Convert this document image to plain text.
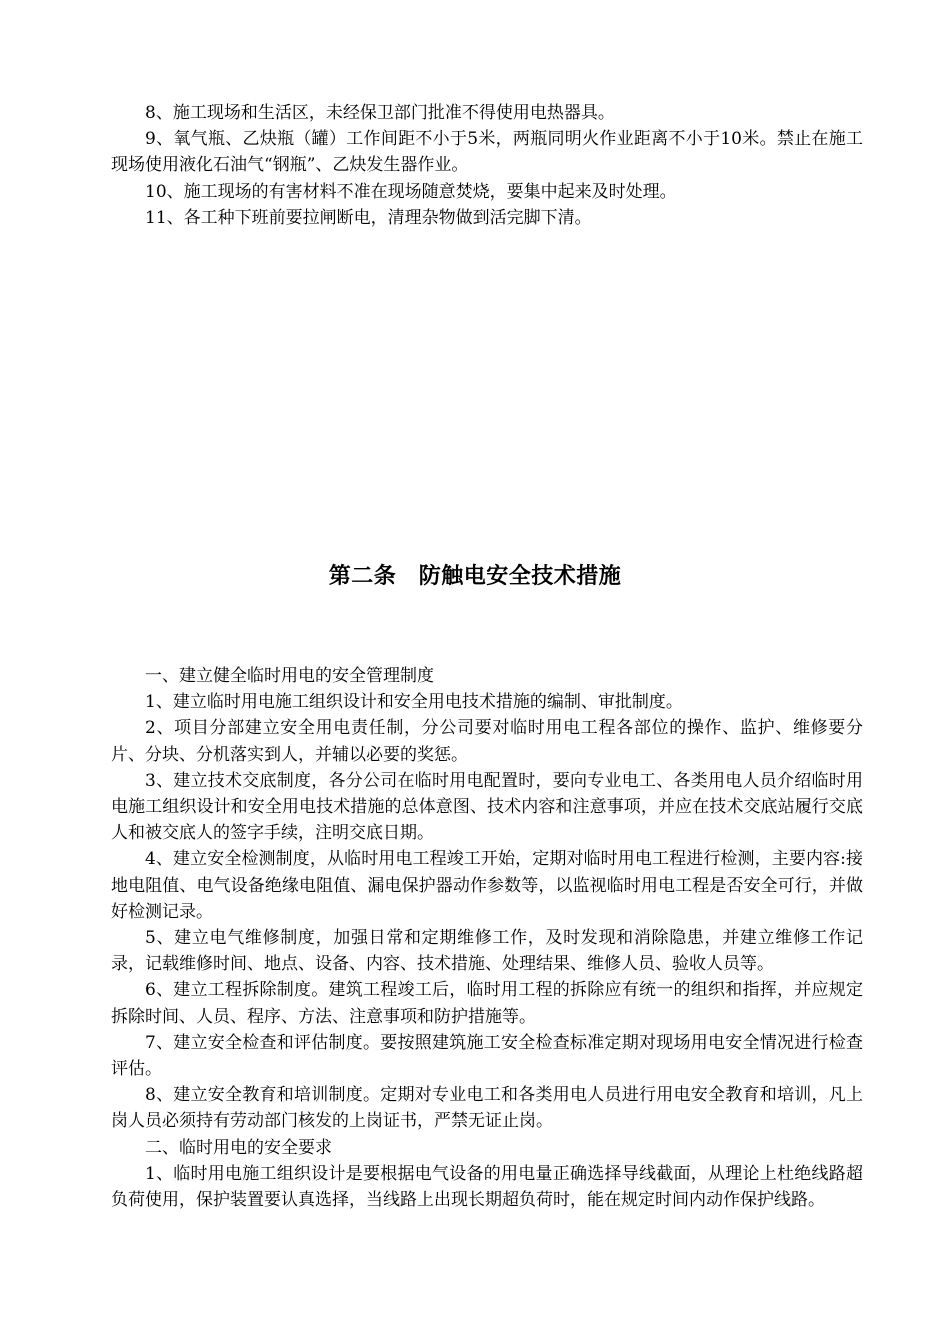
8、施工现场和生活区，未经保卫部门批准不得使用电热器具。

9、氧气瓶、乙炔瓶（罐）工作间距不小于5米，两瓶同明火作业距离不小于10米。禁止在施工现场使用液化石油气“钢瓶”、乙炔发生器作业。

10、施工现场的有害材料不准在现场随意焚烧，要集中起来及时处理。

11、各工种下班前要拉闸断电，清理杂物做到活完脚下清。

第二条　防触电安全技术措施

一、建立健全临时用电的安全管理制度

1、建立临时用电施工组织设计和安全用电技术措施的编制、审批制度。

2、项目分部建立安全用电责任制，分公司要对临时用电工程各部位的操作、监护、维修要分片、分块、分机落实到人，并辅以必要的奖惩。

3、建立技术交底制度，各分公司在临时用电配置时，要向专业电工、各类用电人员介绍临时用电施工组织设计和安全用电技术措施的总体意图、技术内容和注意事项，并应在技术交底站履行交底人和被交底人的签字手续，注明交底日期。

4、建立安全检测制度，从临时用电工程竣工开始，定期对临时用电工程进行检测，主要内容:接地电阻值、电气设备绝缘电阻值、漏电保护器动作参数等，以监视临时用电工程是否安全可行，并做好检测记录。

5、建立电气维修制度，加强日常和定期维修工作，及时发现和消除隐患，并建立维修工作记录，记载维修时间、地点、设备、内容、技术措施、处理结果、维修人员、验收人员等。

6、建立工程拆除制度。建筑工程竣工后，临时用工程的拆除应有统一的组织和指挥，并应规定拆除时间、人员、程序、方法、注意事项和防护措施等。

7、建立安全检查和评估制度。要按照建筑施工安全检查标准定期对现场用电安全情况进行检查评估。

8、建立安全教育和培训制度。定期对专业电工和各类用电人员进行用电安全教育和培训，凡上岗人员必须持有劳动部门核发的上岗证书，严禁无证止岗。

二、临时用电的安全要求

1、临时用电施工组织设计是要根据电气设备的用电量正确选择导线截面，从理论上杜绝线路超负荷使用，保护装置要认真选择，当线路上出现长期超负荷时，能在规定时间内动作保护线路。
